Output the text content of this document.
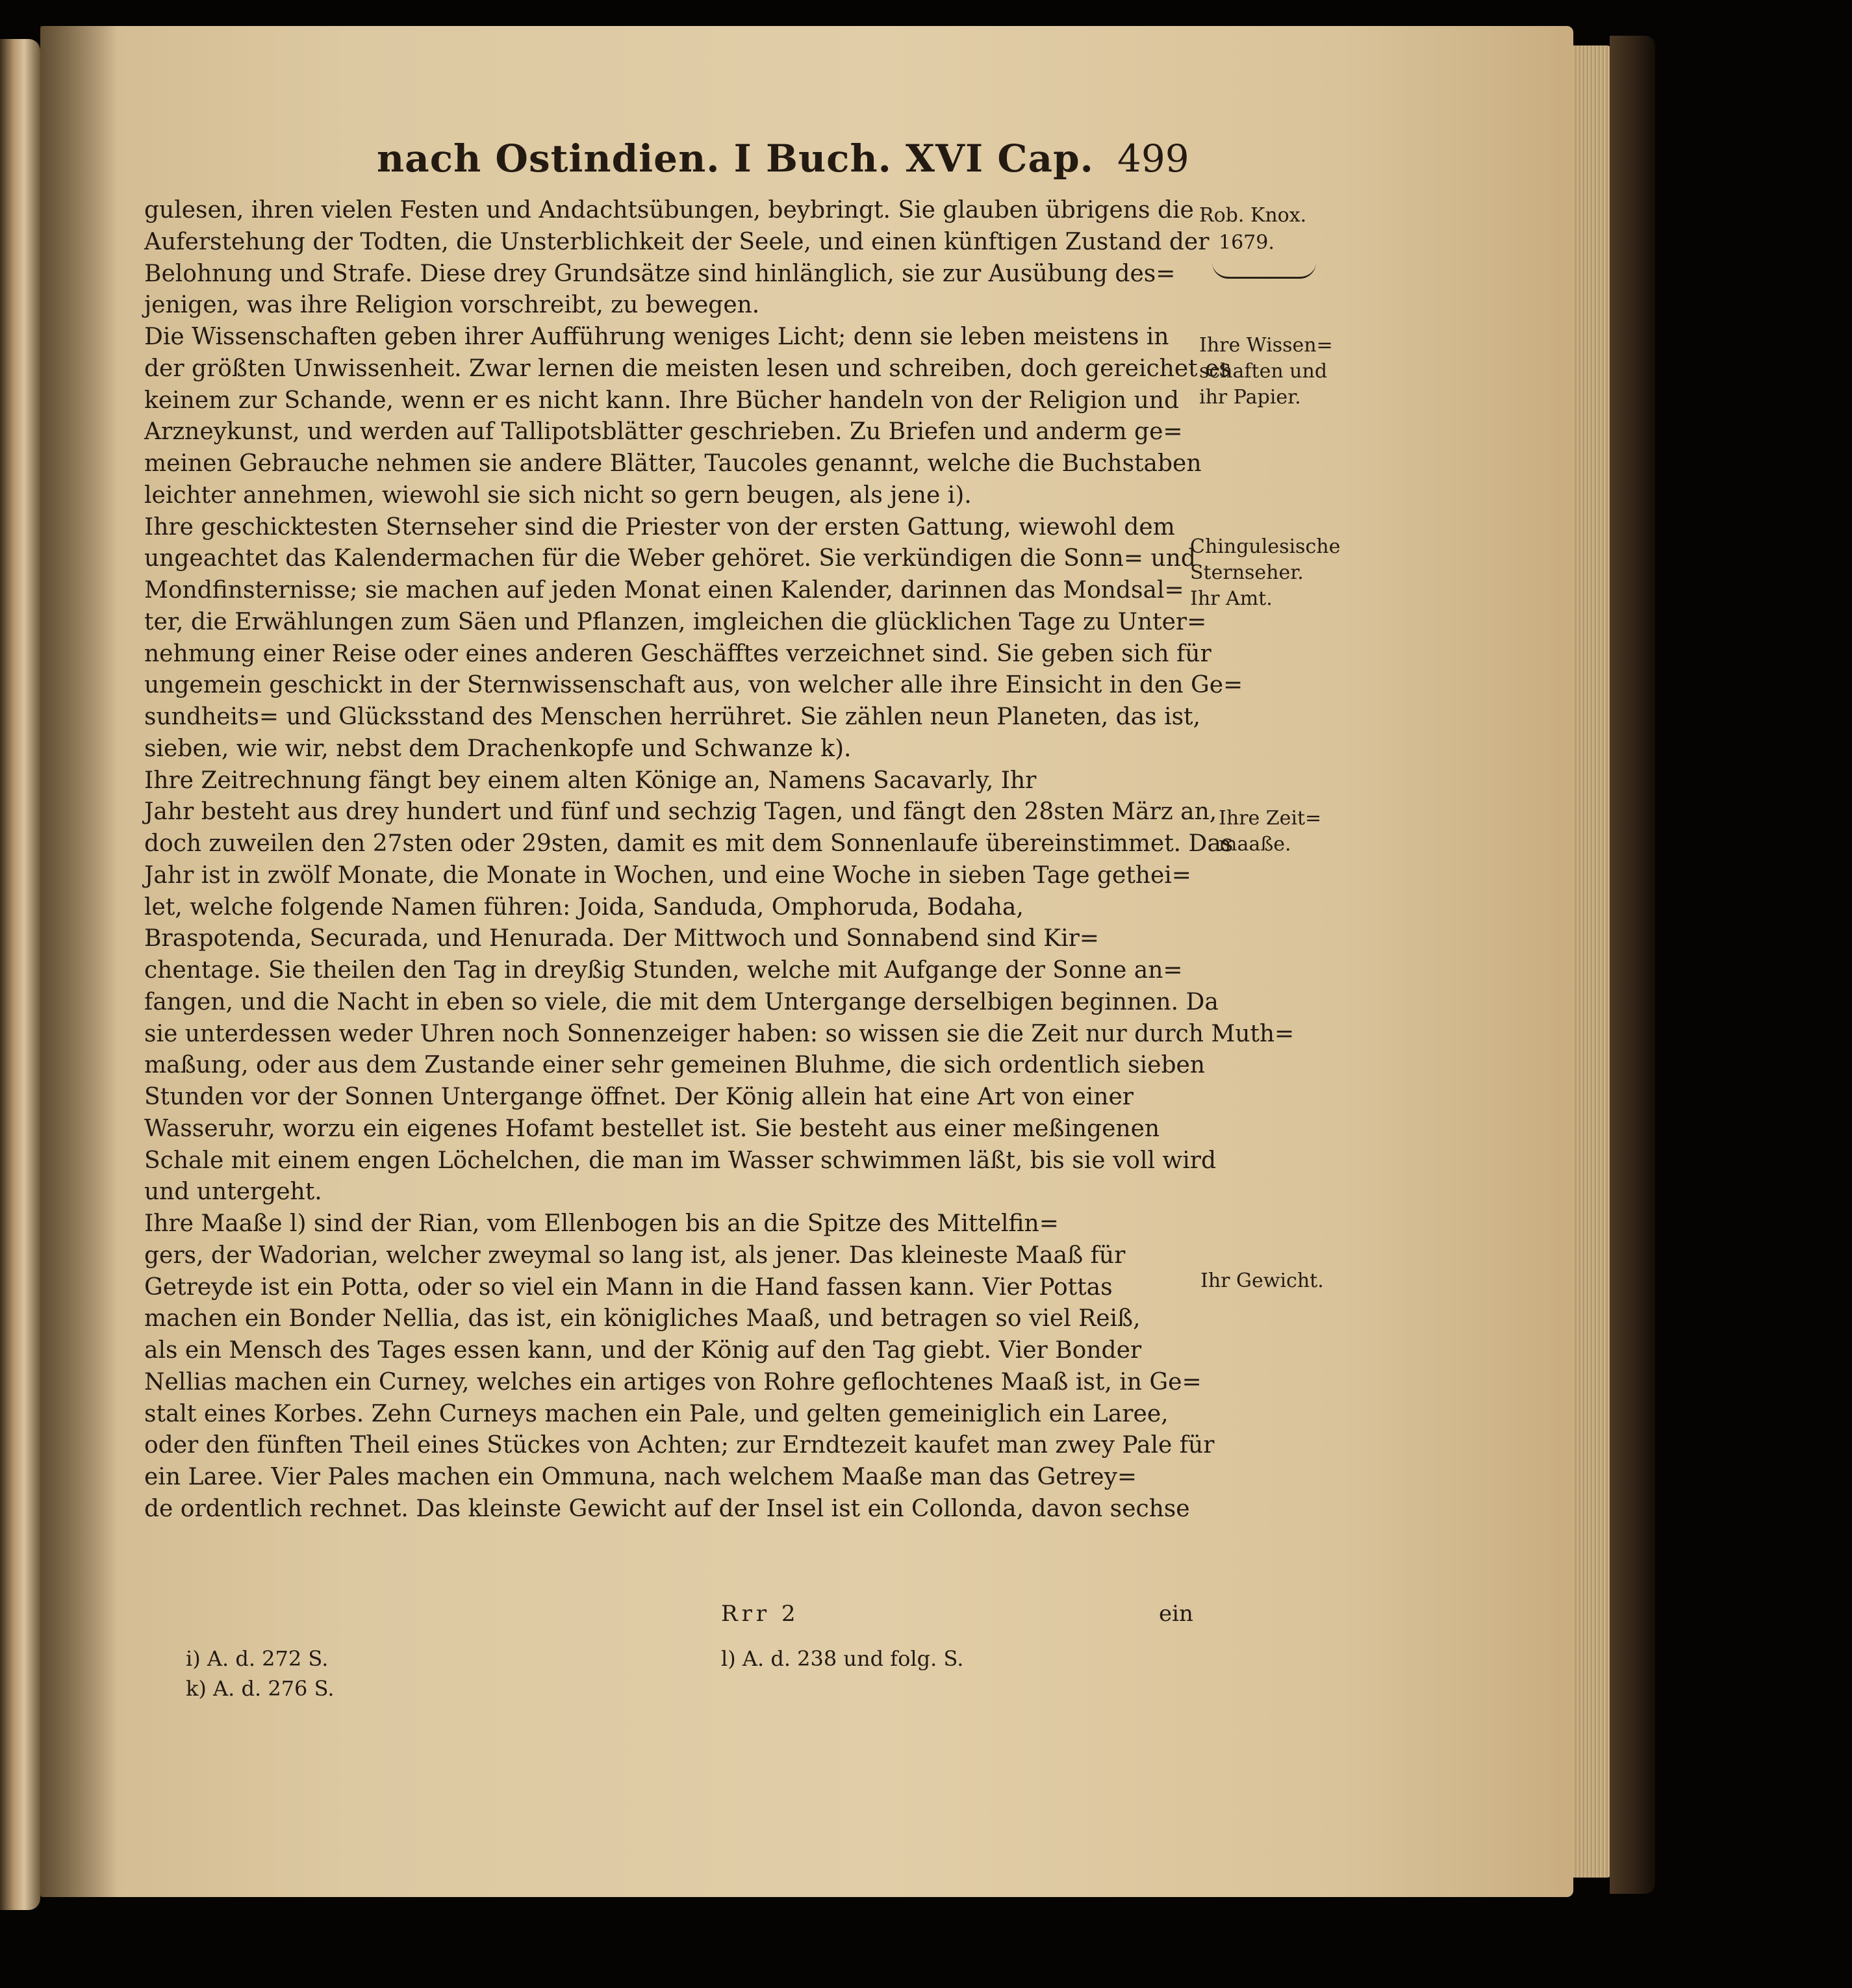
nach Ostindien. I Buch. XVI Cap. 499
gulesen, ihren vielen Festen und Andachtsübungen, beybringt. Sie glauben übrigens die
Auferstehung der Todten, die Unsterblichkeit der Seele, und einen künftigen Zustand der
Belohnung und Strafe. Diese drey Grundsätze sind hinlänglich, sie zur Ausübung des=
jenigen, was ihre Religion vorschreibt, zu bewegen.
Die Wissenschaften geben ihrer Aufführung weniges Licht; denn sie leben meistens in
der größten Unwissenheit. Zwar lernen die meisten lesen und schreiben, doch gereichet es
keinem zur Schande, wenn er es nicht kann. Ihre Bücher handeln von der Religion und
Arzneykunst, und werden auf Tallipotsblätter geschrieben. Zu Briefen und anderm ge=
meinen Gebrauche nehmen sie andere Blätter, Taucoles genannt, welche die Buchstaben
leichter annehmen, wiewohl sie sich nicht so gern beugen, als jene i).
Ihre geschicktesten Sternseher sind die Priester von der ersten Gattung, wiewohl dem
ungeachtet das Kalendermachen für die Weber gehöret. Sie verkündigen die Sonn= und
Mondfinsternisse; sie machen auf jeden Monat einen Kalender, darinnen das Mondsal=
ter, die Erwählungen zum Säen und Pflanzen, imgleichen die glücklichen Tage zu Unter=
nehmung einer Reise oder eines anderen Geschäfftes verzeichnet sind. Sie geben sich für
ungemein geschickt in der Sternwissenschaft aus, von welcher alle ihre Einsicht in den Ge=
sundheits= und Glücksstand des Menschen herrühret. Sie zählen neun Planeten, das ist,
sieben, wie wir, nebst dem Drachenkopfe und Schwanze k).
Ihre Zeitrechnung fängt bey einem alten Könige an, Namens Sacavarly, Ihr
Jahr besteht aus drey hundert und fünf und sechzig Tagen, und fängt den 28sten März an,
doch zuweilen den 27sten oder 29sten, damit es mit dem Sonnenlaufe übereinstimmet. Das
Jahr ist in zwölf Monate, die Monate in Wochen, und eine Woche in sieben Tage gethei=
let, welche folgende Namen führen: Joida, Sanduda, Omphoruda, Bodaha,
Braspotenda, Securada, und Henurada. Der Mittwoch und Sonnabend sind Kir=
chentage. Sie theilen den Tag in dreyßig Stunden, welche mit Aufgange der Sonne an=
fangen, und die Nacht in eben so viele, die mit dem Untergange derselbigen beginnen. Da
sie unterdessen weder Uhren noch Sonnenzeiger haben: so wissen sie die Zeit nur durch Muth=
maßung, oder aus dem Zustande einer sehr gemeinen Bluhme, die sich ordentlich sieben
Stunden vor der Sonnen Untergange öffnet. Der König allein hat eine Art von einer
Wasseruhr, worzu ein eigenes Hofamt bestellet ist. Sie besteht aus einer meßingenen
Schale mit einem engen Löchelchen, die man im Wasser schwimmen läßt, bis sie voll wird
und untergeht.
Ihre Maaße l) sind der Rian, vom Ellenbogen bis an die Spitze des Mittelfin=
gers, der Wadorian, welcher zweymal so lang ist, als jener. Das kleineste Maaß für
Getreyde ist ein Potta, oder so viel ein Mann in die Hand fassen kann. Vier Pottas
machen ein Bonder Nellia, das ist, ein königliches Maaß, und betragen so viel Reiß,
als ein Mensch des Tages essen kann, und der König auf den Tag giebt. Vier Bonder
Nellias machen ein Curney, welches ein artiges von Rohre geflochtenes Maaß ist, in Ge=
stalt eines Korbes. Zehn Curneys machen ein Pale, und gelten gemeiniglich ein Laree,
oder den fünften Theil eines Stückes von Achten; zur Erndtezeit kaufet man zwey Pale für
ein Laree. Vier Pales machen ein Ommuna, nach welchem Maaße man das Getrey=
de ordentlich rechnet. Das kleinste Gewicht auf der Insel ist ein Collonda, davon sechse
Rob. Knox.
1679.
Ihre Wissen= schaften und ihr Papier.
Chingulesische Sternseher. Ihr Amt.
Ihre Zeit= maaße.
Ihr Gewicht.
Rrr 2	ein
i) A. d. 272 S.
k) A. d. 276 S.
l) A. d. 238 und folg. S.
